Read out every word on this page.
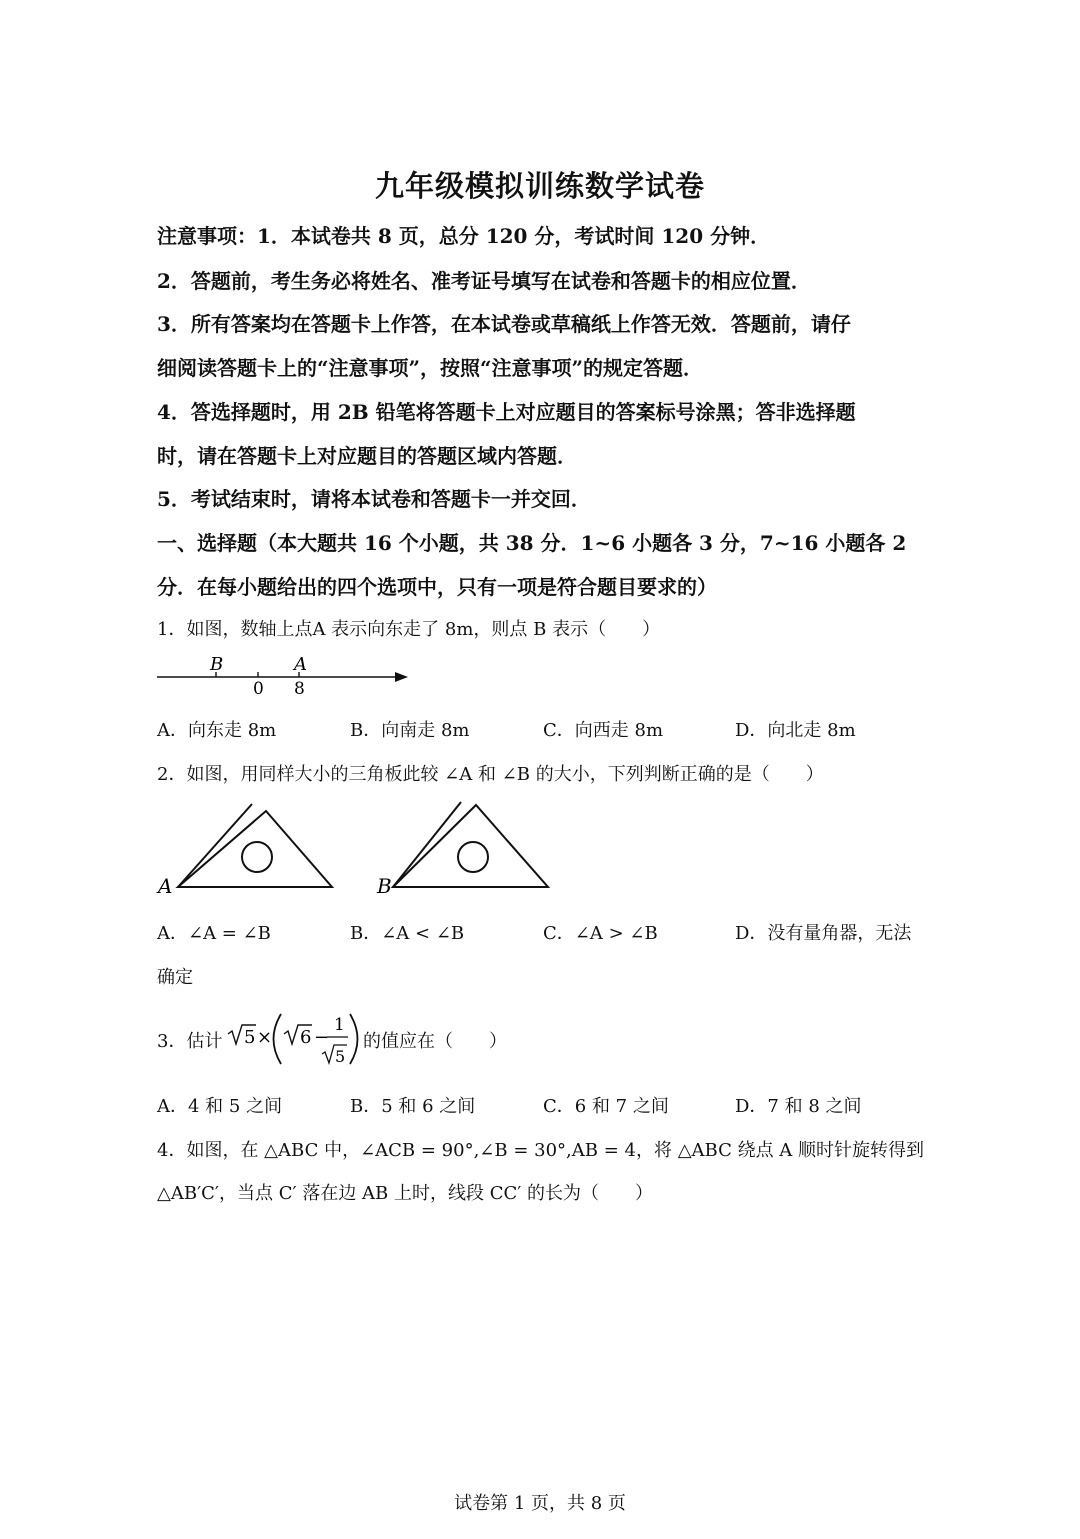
九年级模拟训练数学试卷
注意事项：1．本试卷共 8 页，总分 120 分，考试时间 120 分钟．
2．答题前，考生务必将姓名、准考证号填写在试卷和答题卡的相应位置．
3．所有答案均在答题卡上作答，在本试卷或草稿纸上作答无效．答题前，请仔
细阅读答题卡上的“注意事项”，按照“注意事项”的规定答题．
4．答选择题时，用 2B 铅笔将答题卡上对应题目的答案标号涂黑；答非选择题
时，请在答题卡上对应题目的答题区域内答题．
5．考试结束时，请将本试卷和答题卡一并交回．
一、选择题（本大题共 16 个小题，共 38 分．1~6 小题各 3 分，7~16 小题各 2
分．在每小题给出的四个选项中，只有一项是符合题目要求的）
1．如图，数轴上点A 表示向东走了 8m，则点 B 表示（　　）
B	A
0 8
A．向东走 8m	B．向南走 8m	C．向西走 8m	D．向北走 8m
2．如图，用同样大小的三角板此较 ∠A 和 ∠B 的大小，下列判断正确的是（　　）
A	B
A．∠A = ∠B	B．∠A < ∠B	C．∠A > ∠B	D．没有量角器，无法
确定
3．估计 5 × 6 −
1
5
的值应在（　　）
A．4 和 5 之间	B．5 和 6 之间	C．6 和 7 之间	D．7 和 8 之间
4．如图，在 △ABC 中，∠ACB = 90°,∠B = 30°,AB = 4，将 △ABC 绕点 A 顺时针旋转得到
△AB′C′，当点 C′ 落在边 AB 上时，线段 CC′ 的长为（　　）
试卷第 1 页，共 8 页
